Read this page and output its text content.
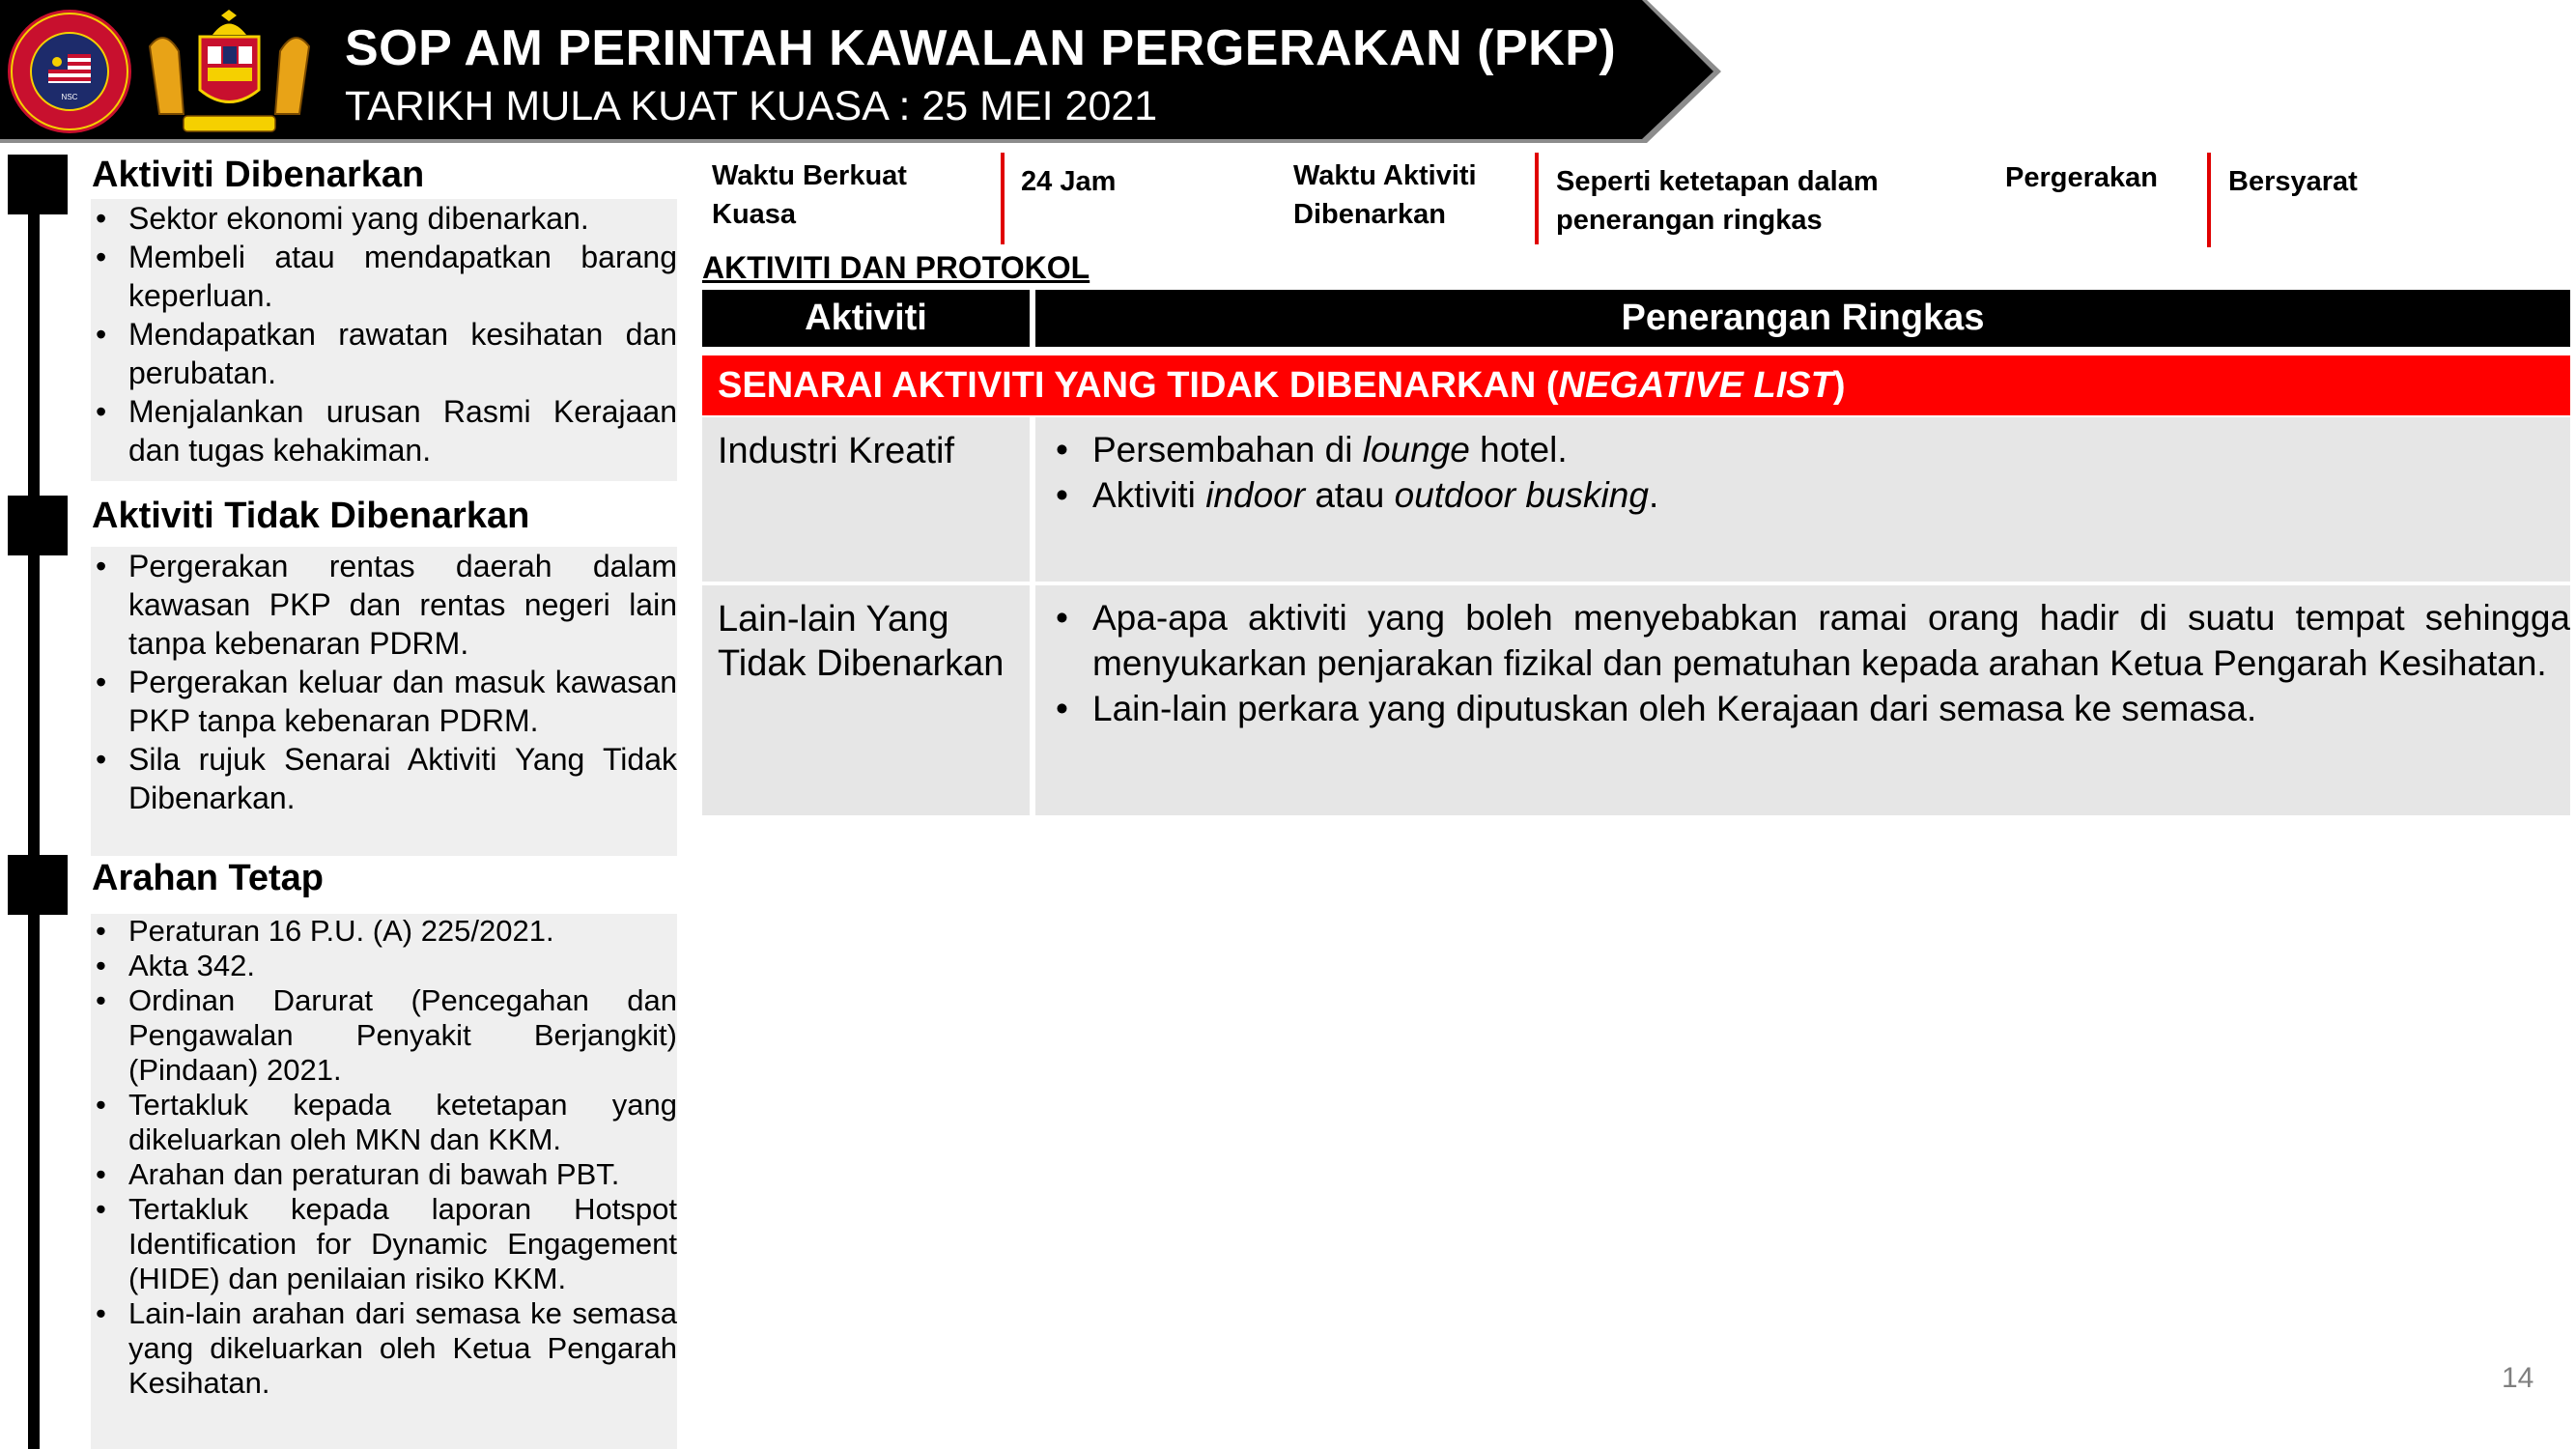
NSC
SOP AM PERINTAH KAWALAN PERGERAKAN (PKP)
TARIKH MULA KUAT KUASA : 25 MEI 2021
Aktiviti Dibenarkan
• Sektor ekonomi yang dibenarkan.
• Membeli atau mendapatkan barang keperluan.
• Mendapatkan rawatan kesihatan dan perubatan.
• Menjalankan urusan Rasmi Kerajaan dan tugas kehakiman.
Aktiviti Tidak Dibenarkan
• Pergerakan rentas daerah dalam kawasan PKP dan rentas negeri lain tanpa kebenaran PDRM.
• Pergerakan keluar dan masuk kawasan PKP tanpa kebenaran PDRM.
• Sila rujuk Senarai Aktiviti Yang Tidak Dibenarkan.
Arahan Tetap
• Peraturan 16 P.U. (A) 225/2021.
• Akta 342.
• Ordinan Darurat (Pencegahan dan Pengawalan Penyakit Berjangkit) (Pindaan) 2021.
• Tertakluk kepada ketetapan yang dikeluarkan oleh MKN dan KKM.
• Arahan dan peraturan di bawah PBT.
• Tertakluk kepada laporan Hotspot Identification for Dynamic Engagement (HIDE) dan penilaian risiko KKM.
• Lain-lain arahan dari semasa ke semasa yang dikeluarkan oleh Ketua Pengarah Kesihatan.
Waktu Berkuat
Kuasa
24 Jam	Waktu Aktiviti
Dibenarkan
Seperti ketetapan dalam
penerangan ringkas
Pergerakan	Bersyarat
AKTIVITI DAN PROTOKOL
Aktiviti	Penerangan Ringkas
SENARAI AKTIVITI YANG TIDAK DIBENARKAN ( NEGATIVE LIST )
Industri Kreatif
•	Persembahan di lounge hotel.
• Aktiviti indoor atau outdoor busking.
Lain-lain Yang Tidak Dibenarkan
• Apa-apa aktiviti yang boleh menyebabkan ramai orang hadir di suatu tempat sehingga menyukarkan penjarakan fizikal dan pematuhan kepada arahan Ketua Pengarah Kesihatan.
• Lain-lain perkara yang diputuskan oleh Kerajaan dari semasa ke semasa.
14
